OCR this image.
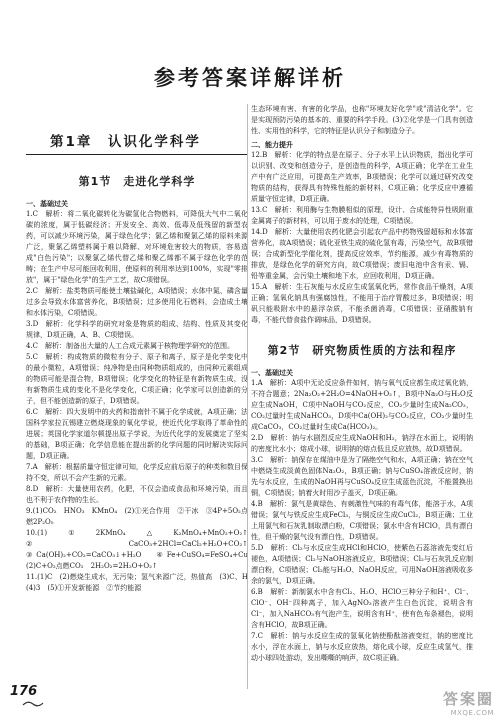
参考答案详解详析
第1章　认识化学科学
第1节　走进化学科学
一、基础过关

1.C　解析：将二氧化碳转化为碳氢化合物燃料，可降低大气中二氧化碳的浓度，属于低碳经济；开发安全、高效、低毒及低残留的新型农药，可以减少环境污染，属于绿色化学；氯乙烯和聚氯乙烯的原料来源广泛，聚氯乙烯塑料属于难以降解、对环境危害较大的物质，容易造成"白色污染"；以聚氯乙烯代替乙烯和聚乙烯都不属于绿色化学的范畴；在生产中尽可能回收利用，使原料的利用率达到100%，实现"零排放"，属于"绿色化学"的生产工艺，故C项错误。

2.C　解析：盐类物质可能使土壤盐碱化，A项错误；水体中氮、磷含量过多会导致水体富营养化，B项错误；过多使用化石燃料，会造成土壤和水体污染，C项错误。

3.D　解析：化学科学的研究对象是物质的组成、结构、性质及其变化规律，D项正确，A、B、C项错误。

4.C　解析：制备出大量的人工合成元素属于核物理学研究的范围。

5.C　解析：构成物质的微粒有分子、原子和离子，原子是化学变化中的最小微粒，A项错误；纯净物是由同种物质组成的，由同种元素组成的物质可能是混合物，B项错误；化学变化的特征是有新物质生成，没有新物质生成的变化不是化学变化，C项正确；化学家可以创造新的分子，但不能创造新的原子，D项错误。

6.C　解析：四大发明中的火药和指南针不属于化学成就，A项正确；法国科学家拉瓦锡建立燃烧现象的氧化学说，使近代化学取得了革命性的进展；英国化学家道尔顿提出原子学说，为近代化学的发展奠定了坚实的基础，B项正确；化学信息能在提出新的化学问题的同时解决实际问题，D项正确。

7.A　解析：根据质量守恒定律可知，化学反应前后原子的种类和数目保持不变，所以不会产生新的元素。

8.D　解析：大量使用农药，化肥，不仅会造成食品和环境污染，而且也不利于农作物的生长。

9.(1)CO₂　HNO₃　KMnO₄　(2)①光合作用　②干冰　③4P+5O₂点燃2P₂O₅

10.(1)①2KMnO₄△K₂MnO₄+MnO₂+O₂↑　②CaCO₃+2HCl=CaCl₂+H₂O+CO₂↑　③Ca(OH)₂+CO₂=CaCO₃↓+H₂O　④Fe+CuSO₄=FeSO₄+Cu　(2)C+O₂点燃CO₂　2H₂O₂=2H₂O+O₂↑

11.(1)C　(2)燃烧生成水，无污染；氢气来源广泛，热值高　(3)C、H　(4)3　(5)①开发新能源　②节约能源

生态环境有害、有害的化学品，也称"环境友好化学"或"清洁化学"。它是实现预防污染的基本的、重要的科学手段。(3)②化学是一门具有创造性、实用性的科学，它的特征是认识分子和制造分子。

二、能力提升

12.B　解析：化学的特点是在原子、分子水平上认识物质，指出化学可以识别、改变和创造分子，是创造性的科学，A项正确；化学在工业生产中有广泛应用，可提高生产效率，B项错误；化学可以通过研究改变物质的结构，获得具有特殊性能的新材料，C项正确；化学反应中遵循质量守恒定律，D项正确。

13.C　解析：利用酶与生物膜相似的原理，设计、合成能特异性吸附重金属离子的新材料，可以用于废水的处理，C项错误。

14.D　解析：大量使用农药化肥会引起农产品中药物残留超标和水体富营养化，故A项错误；硫化亚铁生成的硫化氢有毒，污染空气，故B项错误；合成新型化学催化剂，提高反应效率，节约能源，减少有毒物质的排放，是绿色化学的研究方向，故C项错误；废旧电池中含有汞、镉、铅等重金属，会污染土壤和地下水，应回收利用，D项正确。

15.A　解析：生石灰能与水反应生成氢氧化钙，常作食品干燥剂，A项正确；氢氧化钠具有强腐蚀性，不能用于治疗胃酸过多，B项错误；明矾只能吸附水中的悬浮杂质，不能杀菌消毒，C项错误；亚硝酸钠有毒，不能代替食盐作调味品，D项错误。

第2节　研究物质性质的方法和程序
一、基础过关

1.A　解析：A项中无论反应条件如何，钠与氧气反应都生成过氧化钠，不符合题意；2Na₂O₂+2H₂O=4NaOH+O₂↑，B项中Na₂O与H₂O反应生成NaOH，C项中NaOH与CO₂反应，CO₂少量时生成Na₂CO₃，CO₂过量时生成NaHCO₃，D项中Ca(OH)₂与CO₂反应，CO₂少量时生成CaCO₃，CO₂过量时生成Ca(HCO₃)₂。

2.D　解析：钠与水剧烈反应生成NaOH和H₂，钠浮在水面上，说明钠的密度比水小；熔成小球，说明钠的熔点低且反应放热，故D项错误。

3.C　解析：钠保存在煤油中是为了隔绝空气和水，A项正确；钠在空气中燃烧生成淡黄色固体Na₂O₂，B项正确；钠与CuSO₄溶液反应时，钠先与水反应，生成的NaOH再与CuSO₄反应生成蓝色沉淀，不能置换出铜，C项错误；钠着火时用沙子盖灭，D项正确。

4.B　解析：氯气是黄绿色、有刺激性气味的有毒气体，能溶于水，A项错误；氯气与铁反应生成FeCl₃，与铜反应生成CuCl₂，B项正确；工业上用氯气和石灰乳制取漂白粉，C项错误；氯水中含有HClO，具有漂白性，但干燥的氯气没有漂白性，D项错误。

5.D　解析：Cl₂与水反应生成HCl和HClO，使紫色石蕊溶液先变红后褪色，A项错误；Cl₂与NaOH溶液反应，B项错误；Cl₂与石灰乳反应制漂白粉，C项错误；Cl₂能与H₂O、NaOH反应，可用NaOH溶液吸收多余的氯气，D项正确。

6.B　解析：新制氯水中含有Cl₂、H₂O、HClO三种分子和H⁺、Cl⁻、ClO⁻、OH⁻四种离子，加入AgNO₃溶液产生白色沉淀，说明含有Cl⁻，加入NaHCO₃有气泡产生，说明含有H⁺，使有色布条褪色，说明含有HClO，故B项正确。

7.C　解析：钠与水反应生成的氢氧化钠使酚酞溶液变红，钠的密度比水小，浮在水面上，钠与水反应放热，熔化成小球，反应生成氢气，推动小球四处游动，发出嘶嘶的响声，故C项正确。

176	答案圈
MXQE.COM
